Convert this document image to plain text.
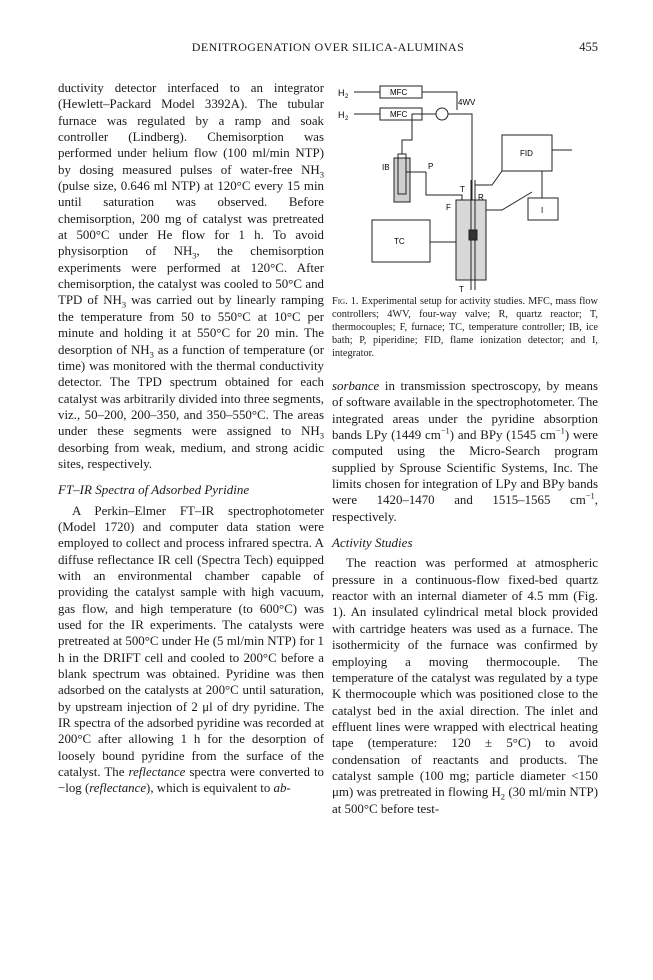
DENITROGENATION OVER SILICA-ALUMINAS	455

ductivity detector interfaced to an integrator (Hewlett–Packard Model 3392A). The tubular furnace was regulated by a ramp and soak controller (Lindberg). Chemisorption was performed under helium flow (100 ml/min NTP) by dosing measured pulses of water-free $NH_3$ (pulse size, 0.646 ml NTP) at 120°C every 15 min until saturation was observed. Before chemisorption, 200 mg of catalyst was pretreated at 500°C under He flow for 1 h. To avoid physisorption of $NH_3$, the chemisorption experiments were performed at 120°C. After chemisorption, the catalyst was cooled to 50°C and TPD of $NH_3$ was carried out by linearly ramping the temperature from 50 to 550°C at 10°C per minute and holding it at 550°C for 20 min. The desorption of $NH_3$ as a function of temperature (or time) was monitored with the thermal conductivity detector. The TPD spectrum obtained for each catalyst was arbitrarily divided into three segments, viz., 50–200, 200–350, and 350–550°C. The areas under these segments were assigned to $NH_3$ desorbing from weak, medium, and strong acidic sites, respectively.

FT–IR Spectra of Adsorbed Pyridine

A Perkin–Elmer FT–IR spectrophotometer (Model 1720) and computer data station were employed to collect and process infrared spectra. A diffuse reflectance IR cell (Spectra Tech) equipped with an environmental chamber capable of providing the catalyst sample with high vacuum, gas flow, and high temperature (to 600°C) was used for the IR experiments. The catalysts were pretreated at 500°C under He (5 ml/min NTP) for 1 h in the DRIFT cell and cooled to 200°C before a blank spectrum was obtained. Pyridine was then adsorbed on the catalysts at 200°C until saturation, by upstream injection of 2 μl of dry pyridine. The IR spectra of the adsorbed pyridine was recorded at 200°C after allowing 1 h for the desorption of loosely bound pyridine from the surface of the catalyst. The reflectance spectra were converted to −log (reflectance), which is equivalent to ab-

H
H
2
2
MFC
MFC
4WV
FID
IB	P
T
R
F
TC
I
T

Fig. 1. Experimental setup for activity studies. MFC, mass flow controllers; 4WV, four-way valve; R, quartz reactor; T, thermocouples; F, furnace; TC, temperature controller; IB, ice bath; P, piperidine; FID, flame ionization detector; and I, integrator.

sorbance in transmission spectroscopy, by means of software available in the spectrophotometer. The integrated areas under the pyridine absorption bands LPy (1449 $cm^{-1}$) and BPy (1545 $cm^{-1}$) were computed using the Micro-Search program supplied by Sprouse Scientific Systems, Inc. The limits chosen for integration of LPy and BPy bands were 1420–1470 and 1515–1565 $cm^{-1}$, respectively.

Activity Studies

The reaction was performed at atmospheric pressure in a continuous-flow fixed-bed quartz reactor with an internal diameter of 4.5 mm (Fig. 1). An insulated cylindrical metal block provided with cartridge heaters was used as a furnace. The isothermicity of the furnace was confirmed by employing a moving thermocouple. The temperature of the catalyst was regulated by a type K thermocouple which was positioned close to the catalyst bed in the axial direction. The inlet and effluent lines were wrapped with electrical heating tape (temperature: 120 ± 5°C) to avoid condensation of reactants and products. The catalyst sample (100 mg; particle diameter <150 μm) was pretreated in flowing $H_2$ (30 ml/min NTP) at 500°C before test-
